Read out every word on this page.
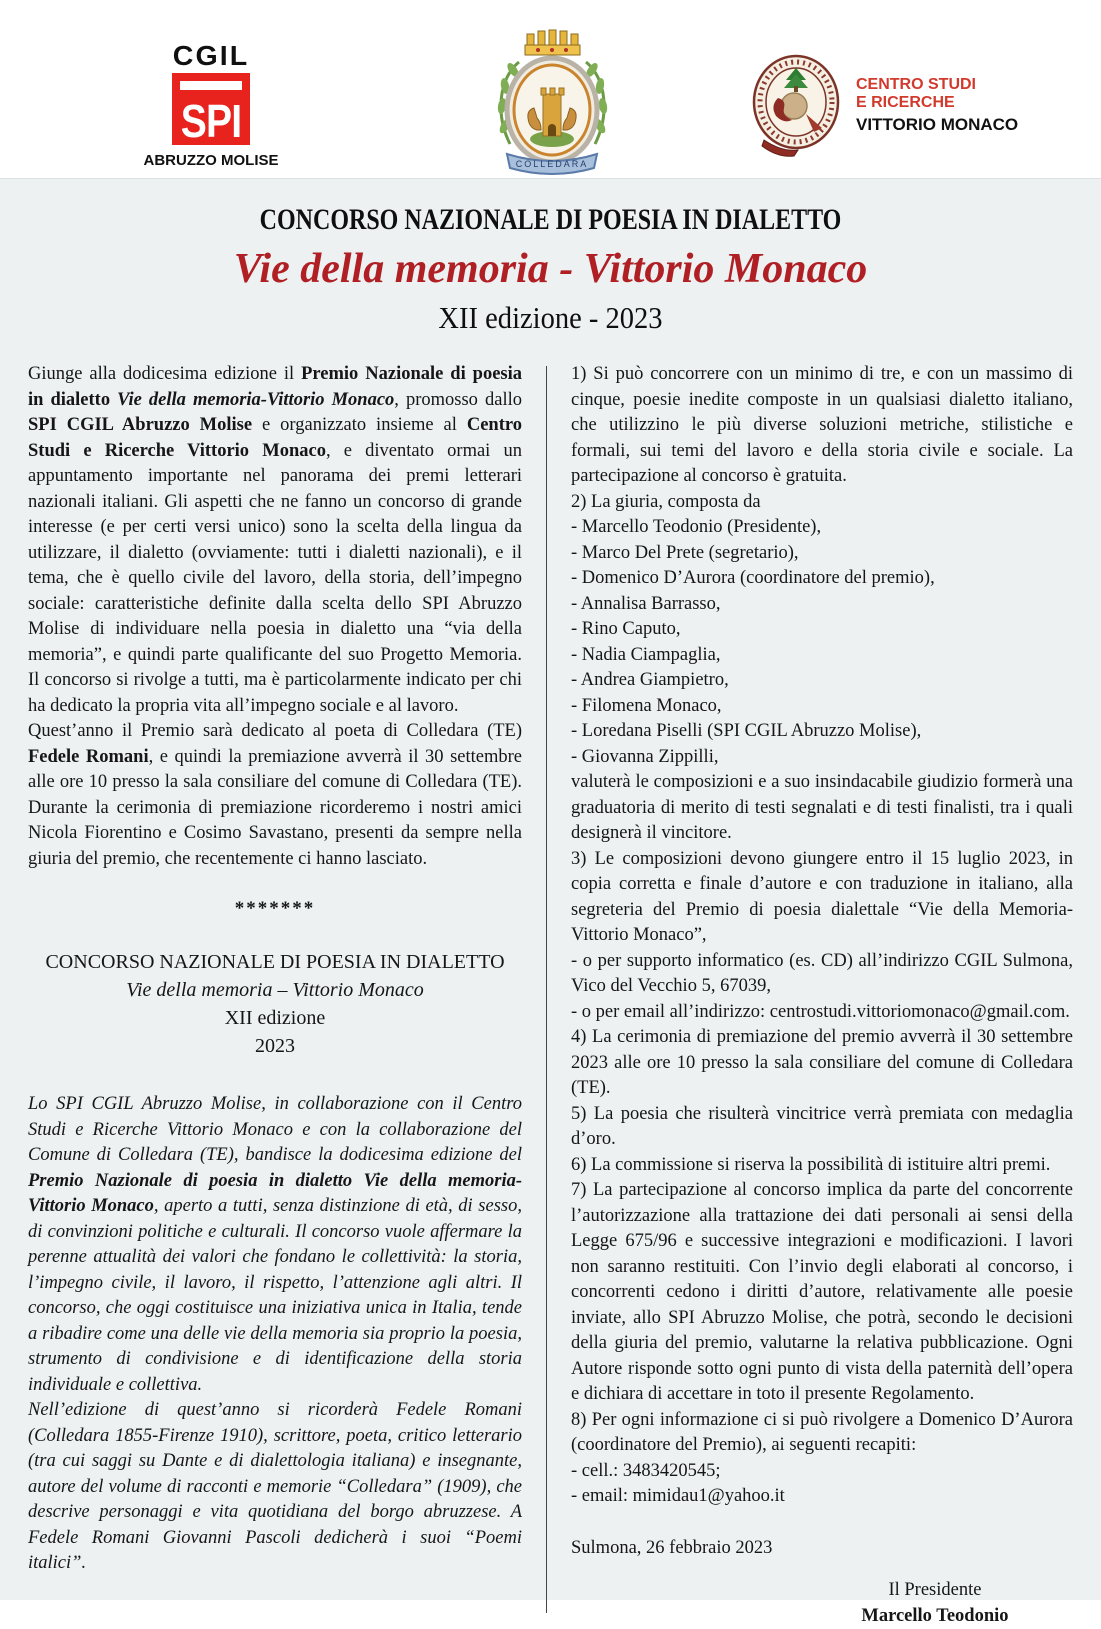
CGIL
SPI
ABRUZZO MOLISE	COLLEDARA
CENTRO STUDI
E RICERCHE
VITTORIO MONACO
CONCORSO NAZIONALE DI POESIA IN DIALETTO
Vie della memoria - Vittorio Monaco
XII edizione - 2023

Giunge alla dodicesima edizione il Premio Nazionale di poesia in dialetto Vie della memoria-Vittorio Monaco, promosso dallo SPI CGIL Abruzzo Molise e organizzato insieme al Centro Studi e Ricerche Vittorio Monaco, e diventato ormai un appuntamento importante nel panorama dei premi letterari nazionali italiani. Gli aspetti che ne fanno un concorso di grande interesse (e per certi versi unico) sono la scelta della lingua da utilizzare, il dialetto (ovviamente: tutti i dialetti nazionali), e il tema, che è quello civile del lavoro, della storia, dell’impegno sociale: caratteristiche definite dalla scelta dello SPI Abruzzo Molise di individuare nella poesia in dialetto una “via della memoria”, e quindi parte qualificante del suo Progetto Memoria. Il concorso si rivolge a tutti, ma è particolarmente indicato per chi ha dedicato la propria vita all’impegno sociale e al lavoro.

Quest’anno il Premio sarà dedicato al poeta di Colledara (TE) Fedele Romani, e quindi la premiazione avverrà il 30 settembre alle ore 10 presso la sala consiliare del comune di Colledara (TE). Durante la cerimonia di premiazione ricorderemo i nostri amici Nicola Fiorentino e Cosimo Savastano, presenti da sempre nella giuria del premio, che recentemente ci hanno lasciato.

*******

CONCORSO NAZIONALE DI POESIA IN DIALETTO

Vie della memoria – Vittorio Monaco

XII edizione

2023

Lo SPI CGIL Abruzzo Molise, in collaborazione con il Centro Studi e Ricerche Vittorio Monaco e con la collaborazione del Comune di Colledara (TE), bandisce la dodicesima edizione del Premio Nazionale di poesia in dialetto Vie della memoria- Vittorio Monaco, aperto a tutti, senza distinzione di età, di sesso, di convinzioni politiche e culturali. Il concorso vuole affermare la perenne attualità dei valori che fondano le collettività: la storia, l’impegno civile, il lavoro, il rispetto, l’attenzione agli altri. Il concorso, che oggi costituisce una iniziativa unica in Italia, tende a ribadire come una delle vie della memoria sia proprio la poesia, strumento di condivisione e di identificazione della storia individuale e collettiva.

Nell’edizione di quest’anno si ricorderà Fedele Romani (Colledara 1855-Firenze 1910), scrittore, poeta, critico letterario (tra cui saggi su Dante e di dialettologia italiana) e insegnante, autore del volume di racconti e memorie “Colledara” (1909), che descrive personaggi e vita quotidiana del borgo abruzzese. A Fedele Romani Giovanni Pascoli dedicherà i suoi “Poemi italici”.

1) Si può concorrere con un minimo di tre, e con un massimo di cinque, poesie inedite composte in un qualsiasi dialetto italiano, che utilizzino le più diverse soluzioni metriche, stilistiche e formali, sui temi del lavoro e della storia civile e sociale. La partecipazione al concorso è gratuita.

2) La giuria, composta da

- Marcello Teodonio (Presidente),

- Marco Del Prete (segretario),

- Domenico D’Aurora (coordinatore del premio),

- Annalisa Barrasso,

- Rino Caputo,

- Nadia Ciampaglia,

- Andrea Giampietro,

- Filomena Monaco,

- Loredana Piselli (SPI CGIL Abruzzo Molise),

- Giovanna Zippilli,

valuterà le composizioni e a suo insindacabile giudizio formerà una graduatoria di merito di testi segnalati e di testi finalisti, tra i quali designerà il vincitore.

3) Le composizioni devono giungere entro il 15 luglio 2023, in copia corretta e finale d’autore e con traduzione in italiano, alla segreteria del Premio di poesia dialettale “Vie della Memoria-Vittorio Monaco”,

- o per supporto informatico (es. CD) all’indirizzo CGIL Sulmona, Vico del Vecchio 5, 67039,

- o per email all’indirizzo: centrostudi.vittoriomonaco@gmail.com.

4) La cerimonia di premiazione del premio avverrà il 30 settembre 2023 alle ore 10 presso la sala consiliare del comune di Colledara (TE).

5) La poesia che risulterà vincitrice verrà premiata con medaglia d’oro.

6) La commissione si riserva la possibilità di istituire altri premi.

7) La partecipazione al concorso implica da parte del concorrente l’autorizzazione alla trattazione dei dati personali ai sensi della Legge 675/96 e successive integrazioni e modificazioni. I lavori non saranno restituiti. Con l’invio degli elaborati al concorso, i concorrenti cedono i diritti d’autore, relativamente alle poesie inviate, allo SPI Abruzzo Molise, che potrà, secondo le decisioni della giuria del premio, valutarne la relativa pubblicazione. Ogni Autore risponde sotto ogni punto di vista della paternità dell’opera e dichiara di accettare in toto il presente Regolamento.

8) Per ogni informazione ci si può rivolgere a Domenico D’Aurora (coordinatore del Premio), ai seguenti recapiti:

- cell.: 3483420545;

- email: mimidau1@yahoo.it

Sulmona, 26 febbraio 2023

Il Presidente
Marcello Teodonio
